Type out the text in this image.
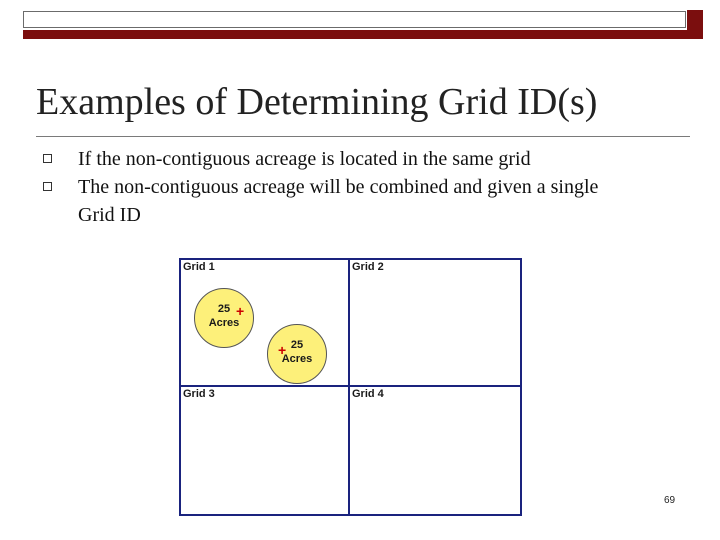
Examples of Determining Grid ID(s)
If the non-contiguous acreage is located in the same grid
The non-contiguous acreage will be combined and given a single Grid ID
Grid 1
25
Acres
+
25
Acres
+
Grid 2
Grid 3	Grid 4
69
